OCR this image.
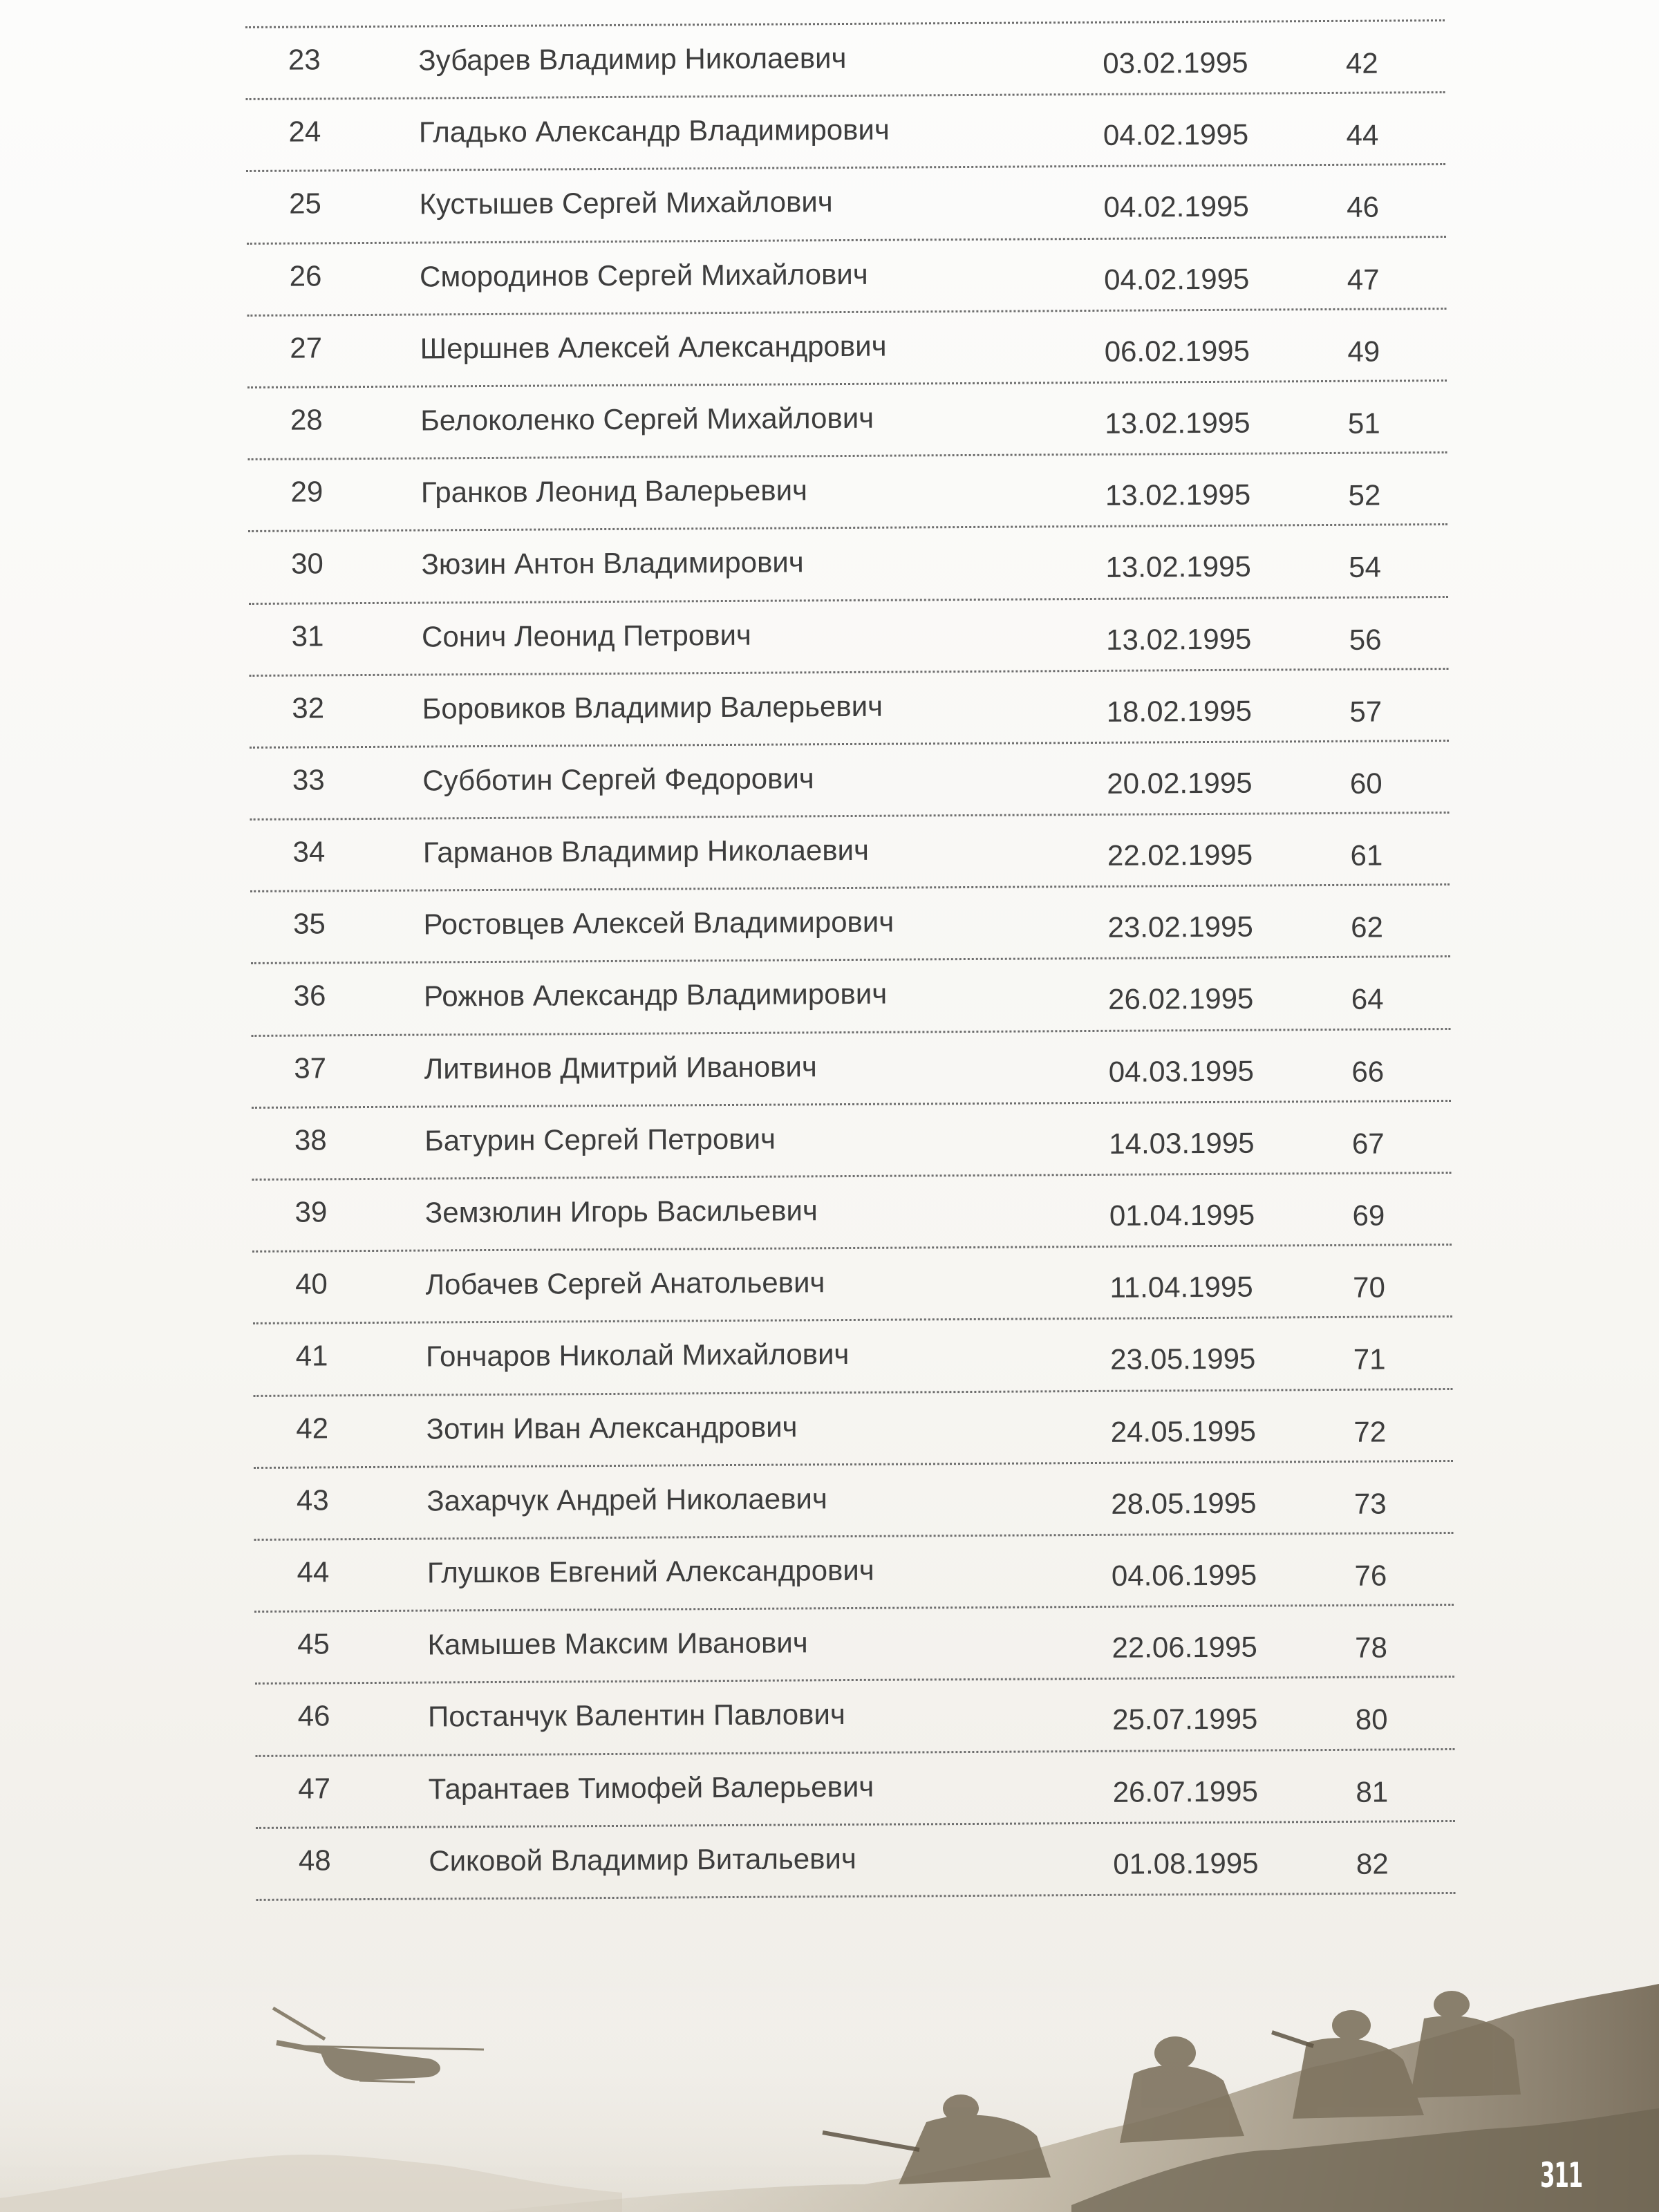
23	Зубарев Владимир Николаевич	03.02.1995	42
24	Гладько Александр Владимирович	04.02.1995	44
25	Кустышев Сергей Михайлович	04.02.1995	46
26	Смородинов Сергей Михайлович	04.02.1995	47
27	Шершнев Алексей Александрович	06.02.1995	49
28	Белоколенко Сергей Михайлович	13.02.1995	51
29	Гранков Леонид Валерьевич	13.02.1995	52
30	Зюзин Антон Владимирович	13.02.1995	54
31	Сонич Леонид Петрович	13.02.1995	56
32	Боровиков Владимир Валерьевич	18.02.1995	57
33	Субботин Сергей Федорович	20.02.1995	60
34	Гарманов Владимир Николаевич	22.02.1995	61
35	Ростовцев Алексей Владимирович	23.02.1995	62
36	Рожнов Александр Владимирович	26.02.1995	64
37	Литвинов Дмитрий Иванович	04.03.1995	66
38	Батурин Сергей Петрович	14.03.1995	67
39	Земзюлин Игорь Васильевич	01.04.1995	69
40	Лобачев Сергей Анатольевич	11.04.1995	70
41	Гончаров Николай Михайлович	23.05.1995	71
42	Зотин Иван Александрович	24.05.1995	72
43	Захарчук Андрей Николаевич	28.05.1995	73
44	Глушков Евгений Александрович	04.06.1995	76
45	Камышев Максим Иванович	22.06.1995	78
46	Постанчук Валентин Павлович	25.07.1995	80
47	Тарантаев Тимофей Валерьевич	26.07.1995	81
48	Сиковой Владимир Витальевич	01.08.1995	82
311
